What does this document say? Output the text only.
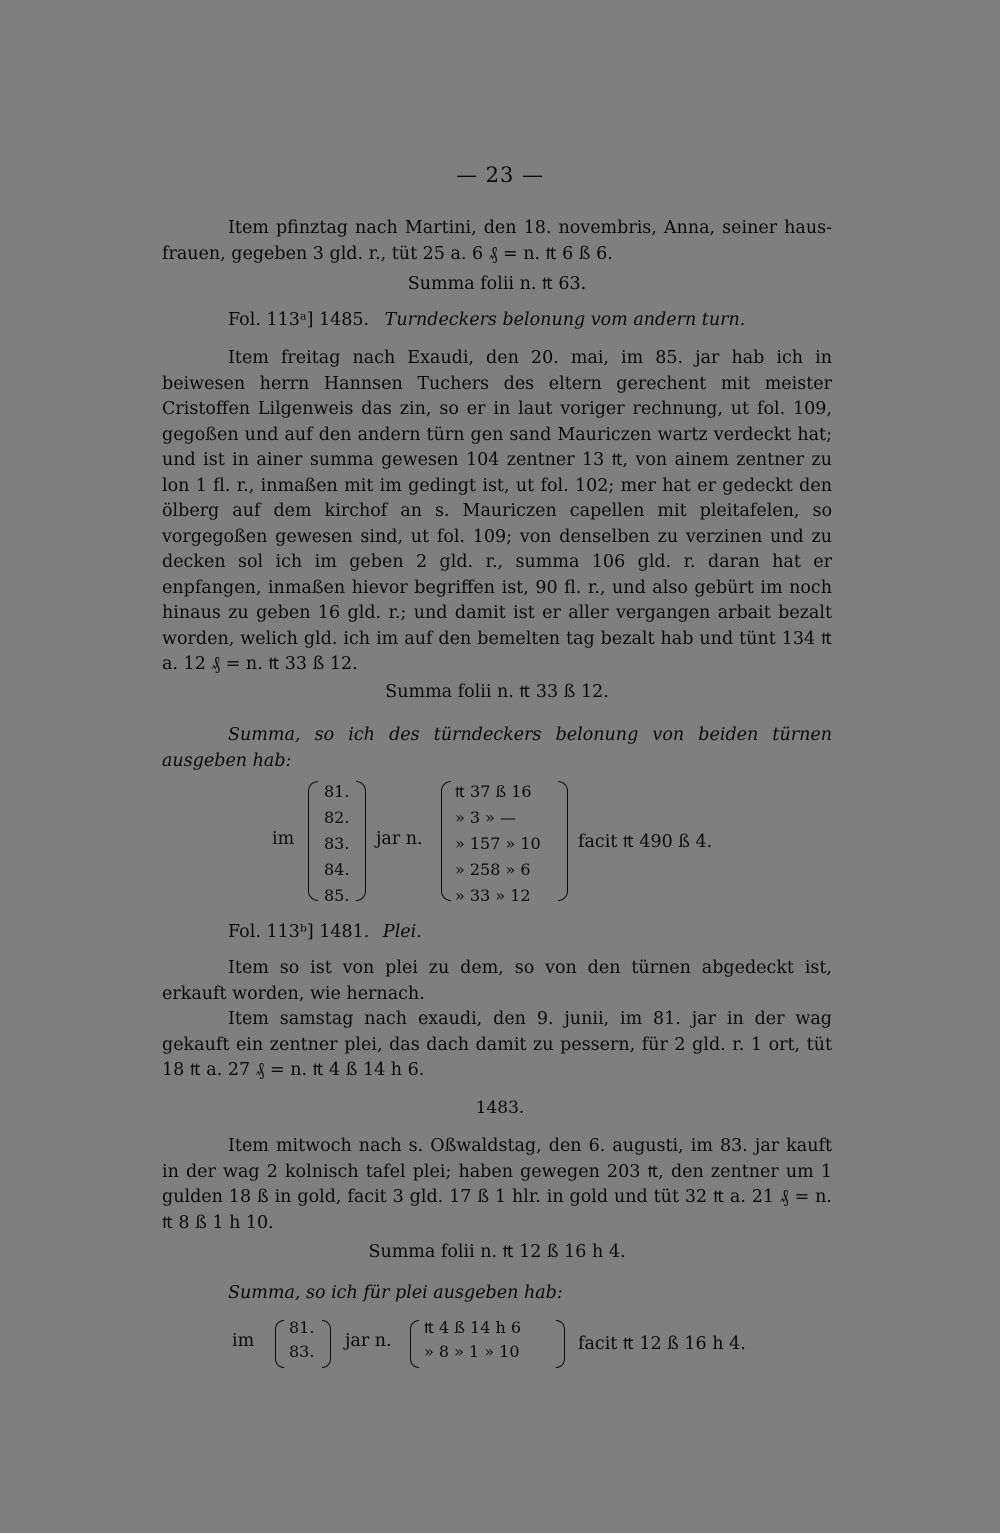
— 23 —

Item pfinztag nach Martini, den 18. novembris, Anna, seiner haus-frauen, gegeben 3 gld. r., tüt 25 a. 6 ₰ = n. ₶ 6 ß 6.

Summa folii n. ₶ 63.

Fol. 113ᵃ] 1485. Turndeckers belonung vom andern turn.

Item freitag nach Exaudi, den 20. mai, im 85. jar hab ich in beiwesen herrn Hannsen Tuchers des eltern gerechent mit meister Cristoffen Lilgenweis das zin, so er in laut voriger rechnung, ut fol. 109, gegoßen und auf den andern türn gen sand Mauriczen wartz verdeckt hat; und ist in ainer summa gewesen 104 zentner 13 ₶, von ainem zentner zu lon 1 fl. r., inmaßen mit im gedingt ist, ut fol. 102; mer hat er gedeckt den ölberg auf dem kirchof an s. Mauriczen capellen mit pleitafelen, so vorgegoßen gewesen sind, ut fol. 109; von denselben zu verzinen und zu decken sol ich im geben 2 gld. r., summa 106 gld. r. daran hat er enpfangen, inmaßen hievor begriffen ist, 90 fl. r., und also gebürt im noch hinaus zu geben 16 gld. r.; und damit ist er aller vergangen arbait bezalt worden, welich gld. ich im auf den bemelten tag bezalt hab und tünt 134 ₶ a. 12 ₰ = n. ₶ 33 ß 12.

Summa folii n. ₶ 33 ß 12.

Summa, so ich des türndeckers belonung von beiden türnen ausgeben hab:

im
81.
82.
83.
84.
85.
jar n.
₶ 37 ß 16
» 3 » —
» 157 » 10
» 258 » 6
» 33 » 12
facit ₶ 490 ß 4.
Fol. 113ᵇ] 1481. Plei.

Item so ist von plei zu dem, so von den türnen abgedeckt ist, erkauft worden, wie hernach.

Item samstag nach exaudi, den 9. junii, im 81. jar in der wag gekauft ein zentner plei, das dach damit zu pessern, für 2 gld. r. 1 ort, tüt 18 ₶ a. 27 ₰ = n. ₶ 4 ß 14 h 6.

1483.

Item mitwoch nach s. Oßwaldstag, den 6. augusti, im 83. jar kauft in der wag 2 kolnisch tafel plei; haben gewegen 203 ₶, den zentner um 1 gulden 18 ß in gold, facit 3 gld. 17 ß 1 hlr. in gold und tüt 32 ₶ a. 21 ₰ = n. ₶ 8 ß 1 h 10.

Summa folii n. ₶ 12 ß 16 h 4.

Summa, so ich für plei ausgeben hab:

im
81.
83.
jar n.
₶ 4 ß 14 h 6
» 8 » 1 » 10	facit ₶ 12 ß 16 h 4.
